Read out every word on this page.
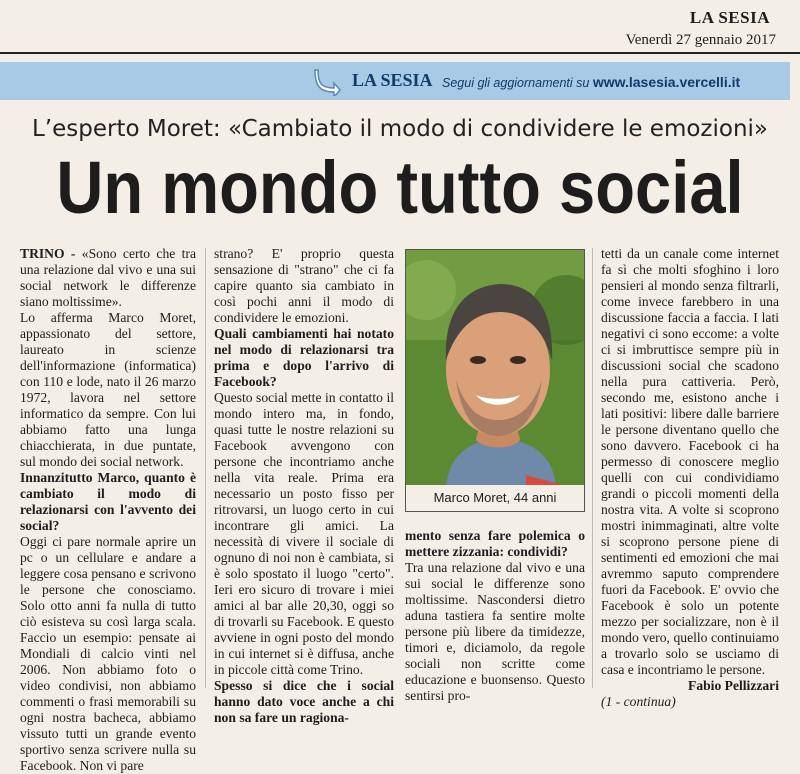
LA SESIA
Venerdì 27 gennaio 2017
LA SESIA Segui gli aggiornamenti su www.lasesia.vercelli.it
L’esperto Moret: «Cambiato il modo di condividere le emozioni»
Un mondo tutto social

TRINO - «Sono certo che tra una relazione dal vivo e una sui social network le differenze siano moltissime».

Lo afferma Marco Moret, appassionato del settore, laureato in scienze dell'informazione (informatica) con 110 e lode, nato il 26 marzo 1972, lavora nel settore informatico da sempre. Con lui abbiamo fatto una lunga chiacchierata, in due puntate, sul mondo dei social network.

Innanzitutto Marco, quanto è cambiato il modo di relazionarsi con l'avvento dei social?

Oggi ci pare normale aprire un pc o un cellulare e andare a leggere cosa pensano e scrivono le persone che conosciamo. Solo otto anni fa nulla di tutto ciò esisteva su così larga scala. Faccio un esempio: pensate ai Mondiali di calcio vinti nel 2006. Non abbiamo foto o video condivisi, non abbiamo commenti o frasi memorabili su ogni nostra bacheca, abbiamo vissuto tutti un grande evento sportivo senza scrivere nulla su Facebook. Non vi pare

strano? E' proprio questa sensazione di "strano" che ci fa capire quanto sia cambiato in così pochi anni il modo di condividere le emozioni.

Quali cambiamenti hai notato nel modo di relazionarsi tra prima e dopo l'arrivo di Facebook?

Questo social mette in contatto il mondo intero ma, in fondo, quasi tutte le nostre relazioni su Facebook avvengono con persone che incontriamo anche nella vita reale. Prima era necessario un posto fisso per ritrovarsi, un luogo certo in cui incontrare gli amici. La necessità di vivere il sociale di ognuno di noi non è cambiata, si è solo spostato il luogo "certo". Ieri ero sicuro di trovare i miei amici al bar alle 20,30, oggi so di trovarli su Facebook. E questo avviene in ogni posto del mondo in cui internet si è diffusa, anche in piccole città come Trino.

Spesso si dice che i social hanno dato voce anche a chi non sa fare un ragiona-

Marco Moret, 44 anni

mento senza fare polemica o mettere zizzania: condividi?

Tra una relazione dal vivo e una sui social le differenze sono moltissime. Nascondersi dietro aduna tastiera fa sentire molte persone più libere da timidezze, timori e, diciamolo, da regole sociali non scritte come educazione e buonsenso. Questo sentirsi pro-

tetti da un canale come internet fa sì che molti sfoghino i loro pensieri al mondo senza filtrarli, come invece farebbero in una discussione faccia a faccia. I lati negativi ci sono eccome: a volte ci si imbruttisce sempre più in discussioni social che scadono nella pura cattiveria. Però, secondo me, esistono anche i lati positivi: libere dalle barriere le persone diventano quello che sono davvero. Facebook ci ha permesso di conoscere meglio quelli con cui condividiamo grandi o piccoli momenti della nostra vita. A volte si scoprono mostri inimmaginati, altre volte si scoprono persone piene di sentimenti ed emozioni che mai avremmo saputo comprendere fuori da Facebook. E' ovvio che Facebook è solo un potente mezzo per socializzare, non è il mondo vero, quello continuiamo a trovarlo solo se usciamo di casa e incontriamo le persone.

Fabio Pellizzari

(1 - continua)
